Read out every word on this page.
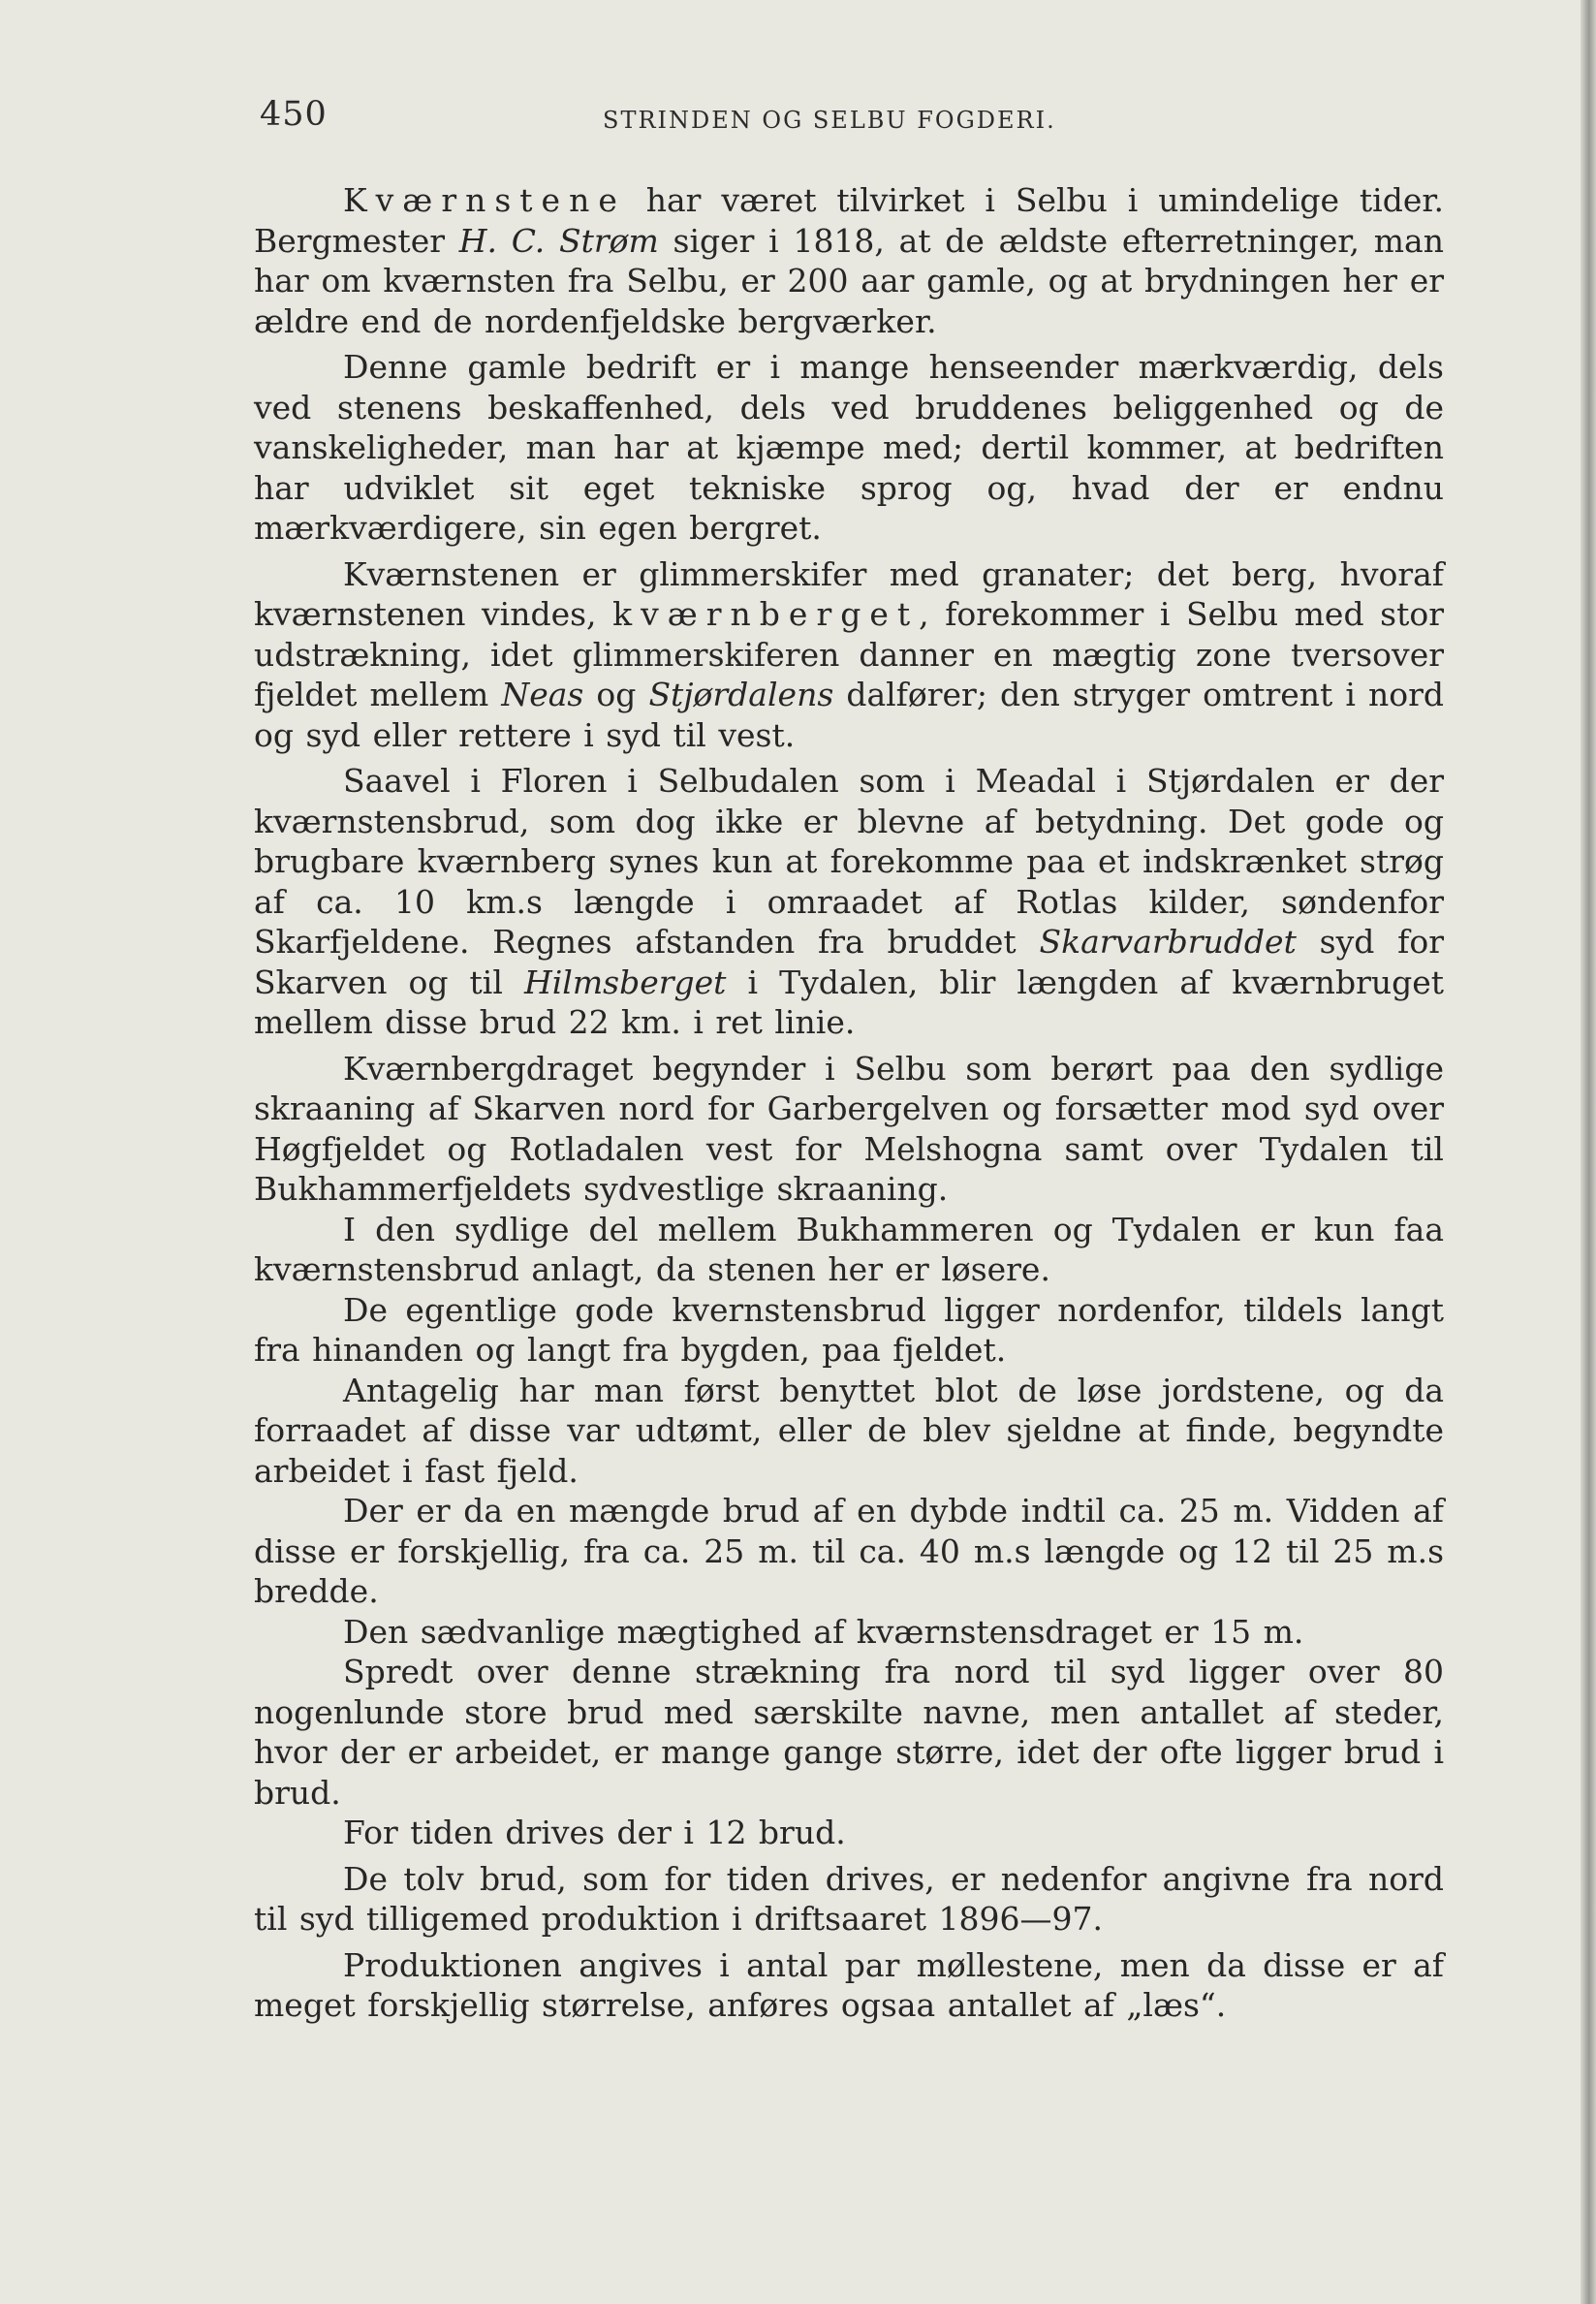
450	STRINDEN OG SELBU FOGDERI.

Kværnstene har været tilvirket i Selbu i umindelige tider. Bergmester H. C. Strøm siger i 1818, at de ældste efterretninger, man har om kværnsten fra Selbu, er 200 aar gamle, og at brydningen her er ældre end de nordenfjeldske bergværker.

Denne gamle bedrift er i mange henseender mærkværdig, dels ved stenens beskaffenhed, dels ved bruddenes beliggenhed og de vanskeligheder, man har at kjæmpe med; dertil kommer, at bedriften har udviklet sit eget tekniske sprog og, hvad der er endnu mærkværdigere, sin egen bergret.

Kværnstenen er glimmerskifer med granater; det berg, hvoraf kværnstenen vindes, kværnberget, forekommer i Selbu med stor udstrækning, idet glimmerskiferen danner en mægtig zone tversover fjeldet mellem Neas og Stjørdalens dalfører; den stryger omtrent i nord og syd eller rettere i syd til vest.

Saavel i Floren i Selbudalen som i Meadal i Stjørdalen er der kværnstensbrud, som dog ikke er blevne af betydning. Det gode og brugbare kværnberg synes kun at forekomme paa et indskrænket strøg af ca. 10 km.s længde i omraadet af Rotlas kilder, søndenfor Skarfjeldene. Regnes afstanden fra bruddet Skarvarbruddet syd for Skarven og til Hilmsberget i Tydalen, blir længden af kværnbruget mellem disse brud 22 km. i ret linie.

Kværnbergdraget begynder i Selbu som berørt paa den sydlige skraaning af Skarven nord for Garbergelven og forsætter mod syd over Høgfjeldet og Rotladalen vest for Melshogna samt over Tydalen til Bukhammerfjeldets sydvestlige skraaning.

I den sydlige del mellem Bukhammeren og Tydalen er kun faa kværnstensbrud anlagt, da stenen her er løsere.

De egentlige gode kvernstensbrud ligger nordenfor, tildels langt fra hinanden og langt fra bygden, paa fjeldet.

Antagelig har man først benyttet blot de løse jordstene, og da forraadet af disse var udtømt, eller de blev sjeldne at finde, begyndte arbeidet i fast fjeld.

Der er da en mængde brud af en dybde indtil ca. 25 m. Vidden af disse er forskjellig, fra ca. 25 m. til ca. 40 m.s længde og 12 til 25 m.s bredde.

Den sædvanlige mægtighed af kværnstensdraget er 15 m.

Spredt over denne strækning fra nord til syd ligger over 80 nogenlunde store brud med særskilte navne, men antallet af steder, hvor der er arbeidet, er mange gange større, idet der ofte ligger brud i brud.

For tiden drives der i 12 brud.

De tolv brud, som for tiden drives, er nedenfor angivne fra nord til syd tilligemed produktion i driftsaaret 1896—97.

Produktionen angives i antal par møllestene, men da disse er af meget forskjellig størrelse, anføres ogsaa antallet af „læs“.
